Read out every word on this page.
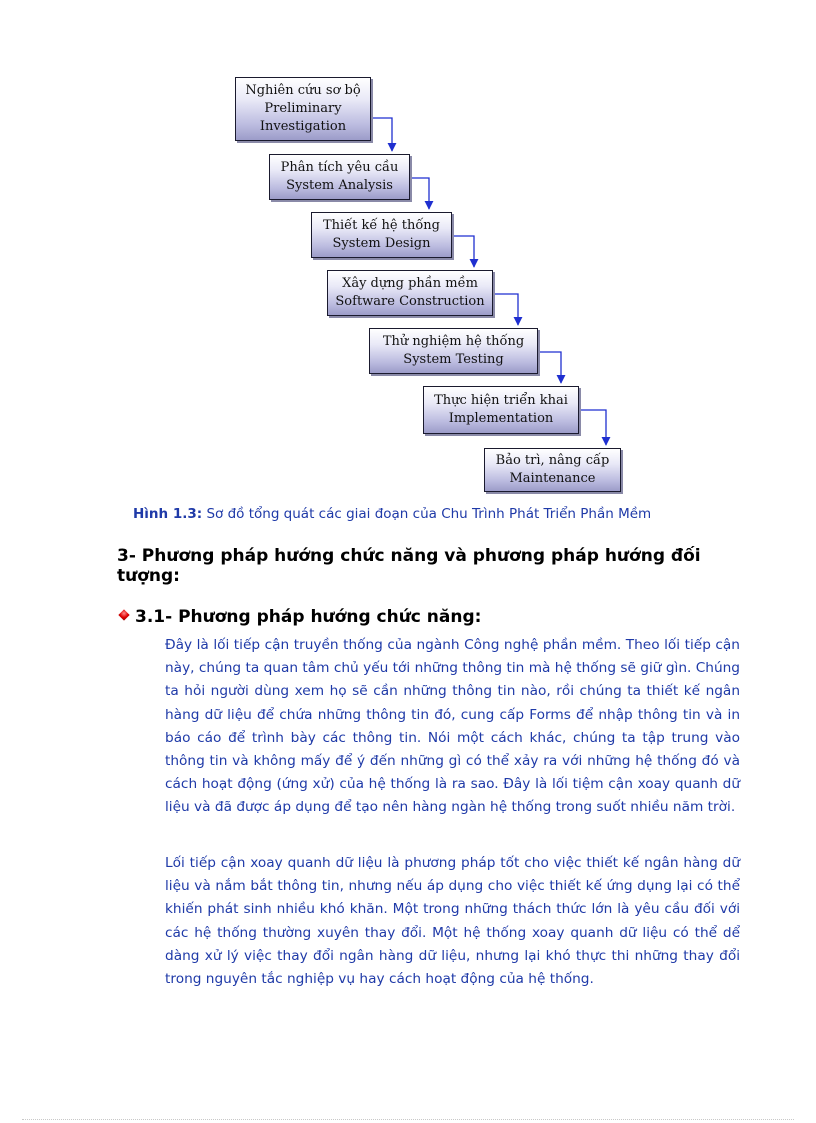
Nghiên cứu sơ bộ
Preliminary
Investigation
Phân tích yêu cầu
System Analysis
Thiết kế hệ thống
System Design
Xây dựng phần mềm
Software Construction
Thử nghiệm hệ thống
System Testing
Thực hiện triển khai
Implementation
Bảo trì, nâng cấp
Maintenance
Hình 1.3: Sơ đồ tổng quát các giai đoạn của Chu Trình Phát Triển Phần Mềm
3- Phương pháp hướng chức năng và phương pháp hướng đối tượng:
3.1- Phương pháp hướng chức năng:

Đây là lối tiếp cận truyền thống của ngành Công nghệ phần mềm. Theo lối tiếp cận này, chúng ta quan tâm chủ yếu tới những thông tin mà hệ thống sẽ giữ gìn. Chúng ta hỏi người dùng xem họ sẽ cần những thông tin nào, rồi chúng ta thiết kế ngân hàng dữ liệu để chứa những thông tin đó, cung cấp Forms để nhập thông tin và in báo cáo để trình bày các thông tin. Nói một cách khác, chúng ta tập trung vào thông tin và không mấy để ý đến những gì có thể xảy ra với những hệ thống đó và cách hoạt động (ứng xử) của hệ thống là ra sao. Đây là lối tiệm cận xoay quanh dữ liệu và đã được áp dụng để tạo nên hàng ngàn hệ thống trong suốt nhiều năm trời.

Lối tiếp cận xoay quanh dữ liệu là phương pháp tốt cho việc thiết kế ngân hàng dữ liệu và nắm bắt thông tin, nhưng nếu áp dụng cho việc thiết kế ứng dụng lại có thể khiến phát sinh nhiều khó khăn. Một trong những thách thức lớn là yêu cầu đối với các hệ thống thường xuyên thay đổi. Một hệ thống xoay quanh dữ liệu có thể dể dàng xử lý việc thay đổi ngân hàng dữ liệu, nhưng lại khó thực thi những thay đổi trong nguyên tắc nghiệp vụ hay cách hoạt động của hệ thống.
